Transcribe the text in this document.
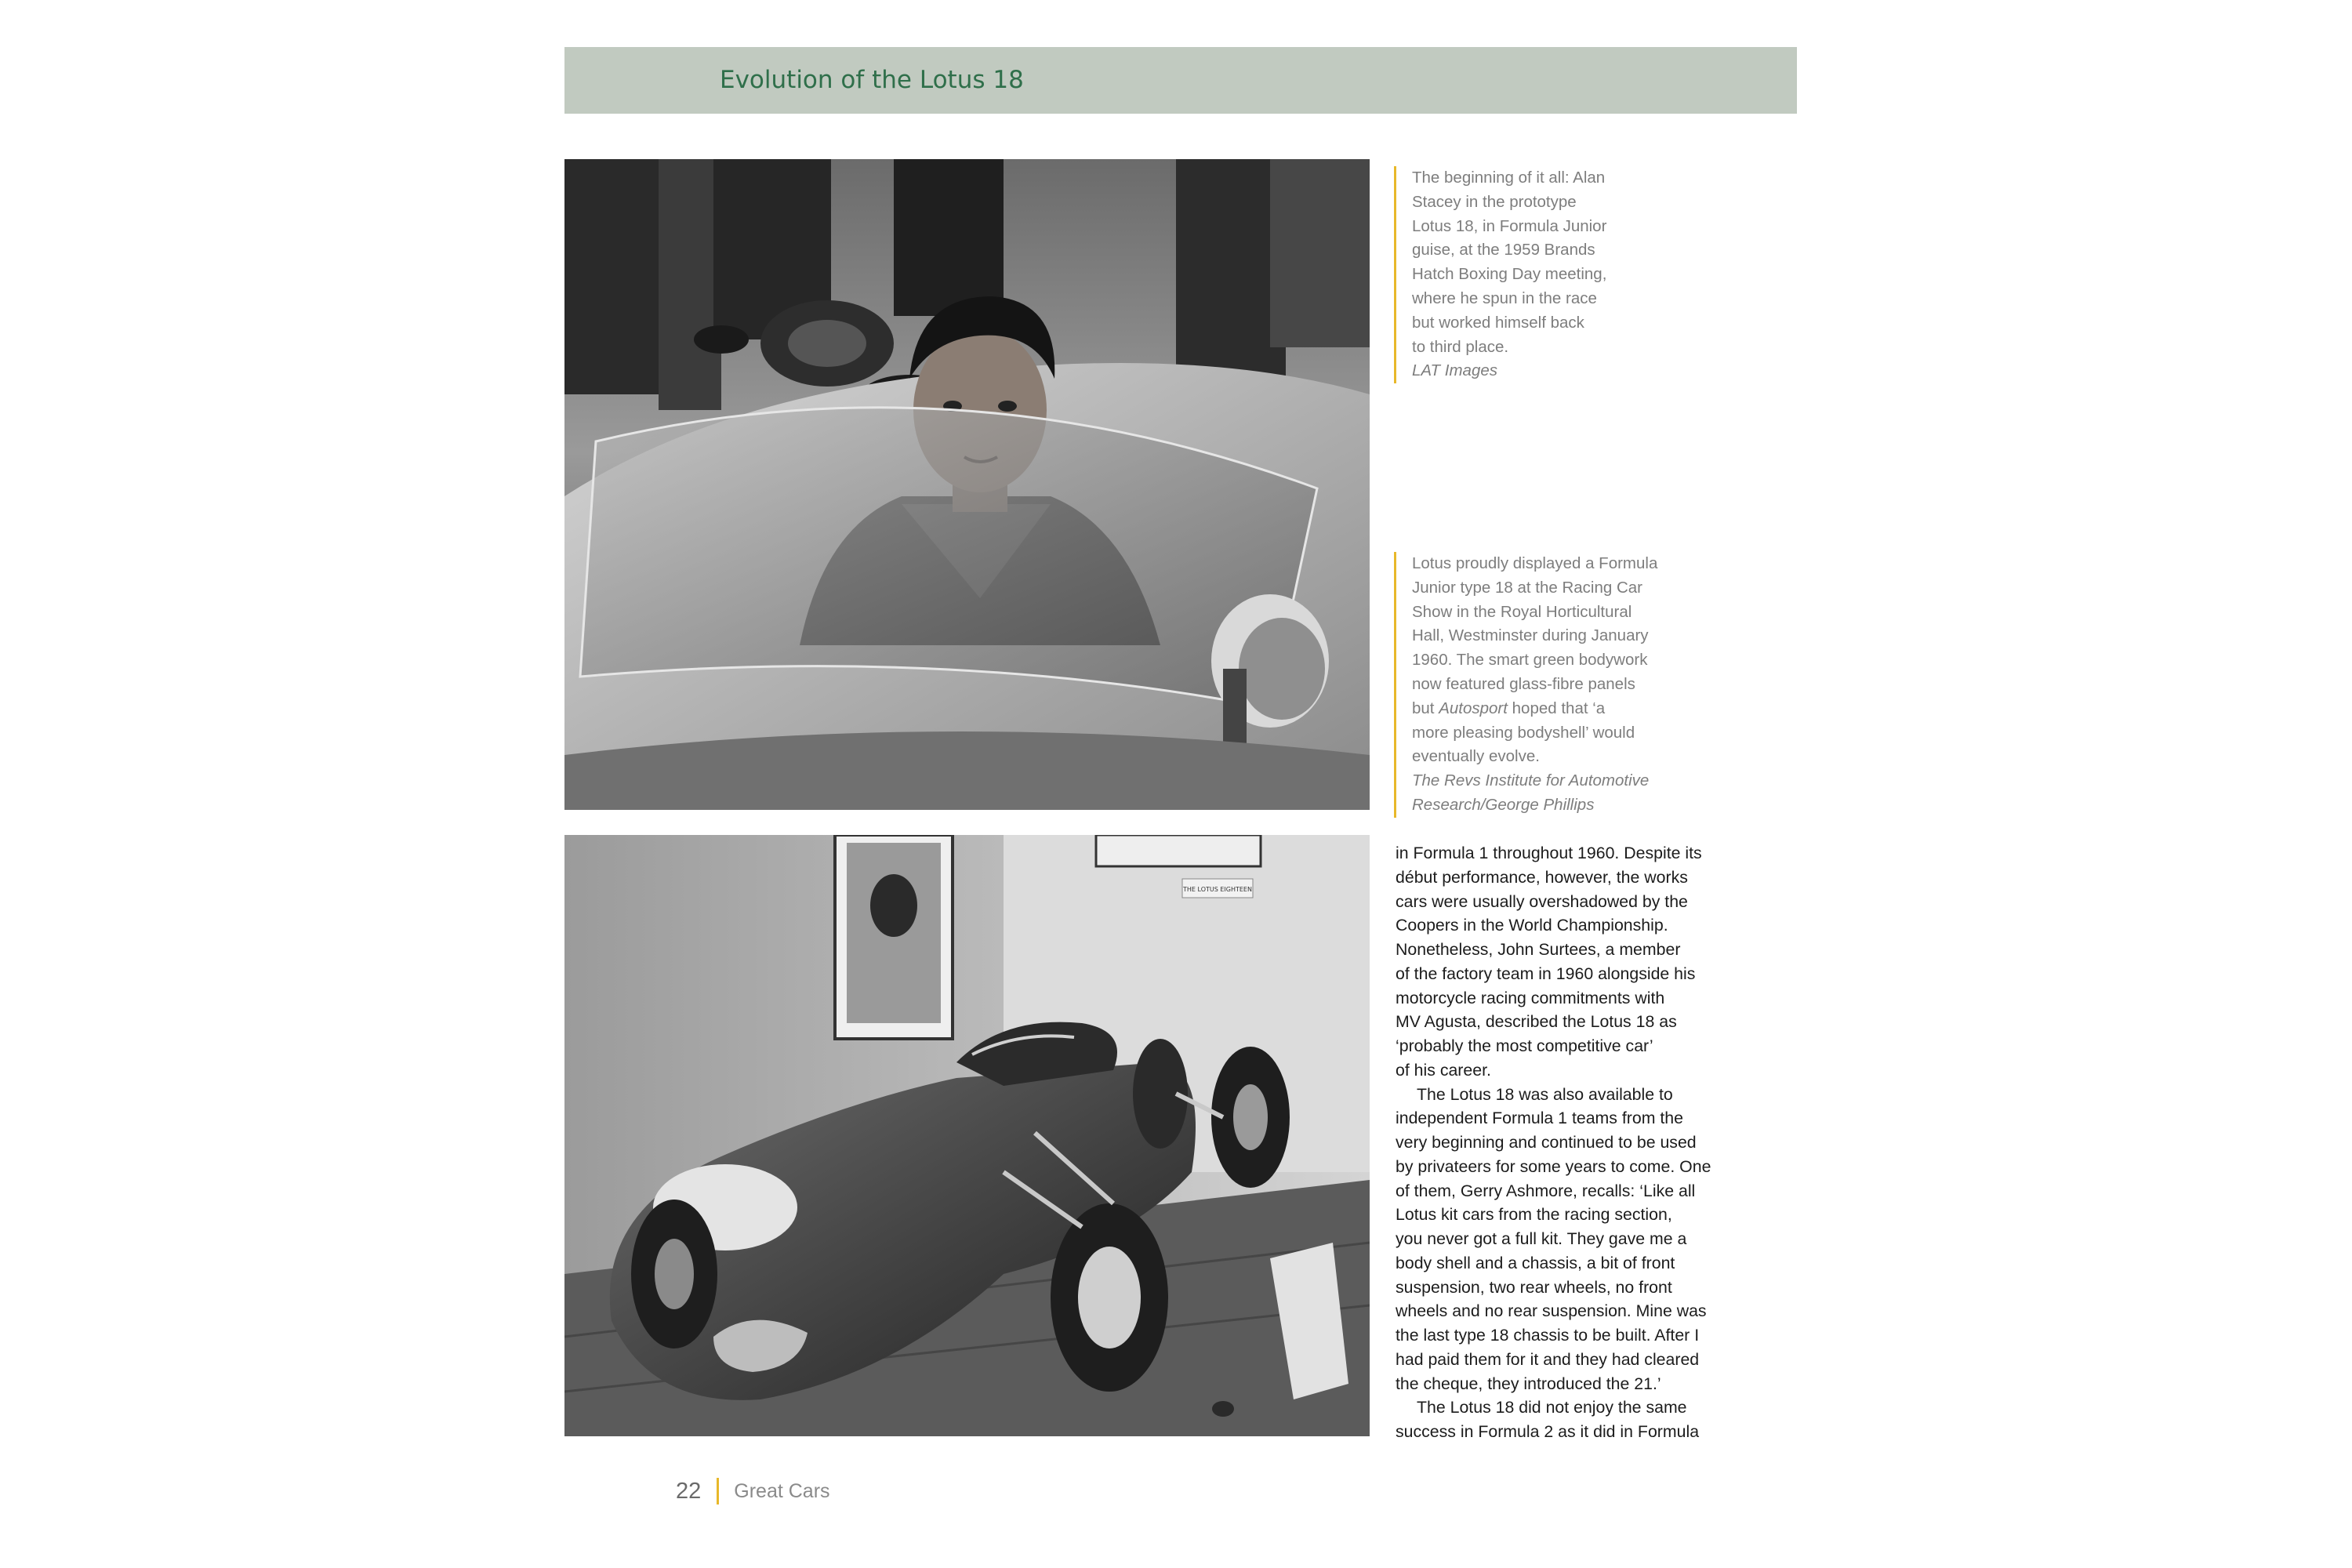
Evolution of the Lotus 18
THE LOTUS EIGHTEEN
The beginning of it all: Alan
Stacey in the prototype
Lotus 18, in Formula Junior
guise, at the 1959 Brands
Hatch Boxing Day meeting,
where he spun in the race
but worked himself back
to third place.
LAT Images
Lotus proudly displayed a Formula
Junior type 18 at the Racing Car
Show in the Royal Horticultural
Hall, Westminster during January
1960. The smart green bodywork
now featured glass-fibre panels
but Autosport hoped that ‘a
more pleasing bodyshell’ would
eventually evolve.
The Revs Institute for Automotive
Research/George Phillips
in Formula 1 throughout 1960. Despite its
début performance, however, the works
cars were usually overshadowed by the
Coopers in the World Championship.
Nonetheless, John Surtees, a member
of the factory team in 1960 alongside his
motorcycle racing commitments with
MV Agusta, described the Lotus 18 as
‘probably the most competitive car’
of his career.
The Lotus 18 was also available to
independent Formula 1 teams from the
very beginning and continued to be used
by privateers for some years to come. One
of them, Gerry Ashmore, recalls: ‘Like all
Lotus kit cars from the racing section,
you never got a full kit. They gave me a
body shell and a chassis, a bit of front
suspension, two rear wheels, no front
wheels and no rear suspension. Mine was
the last type 18 chassis to be built. After I
had paid them for it and they had cleared
the cheque, they introduced the 21.’
The Lotus 18 did not enjoy the same
success in Formula 2 as it did in Formula
22 Great Cars
